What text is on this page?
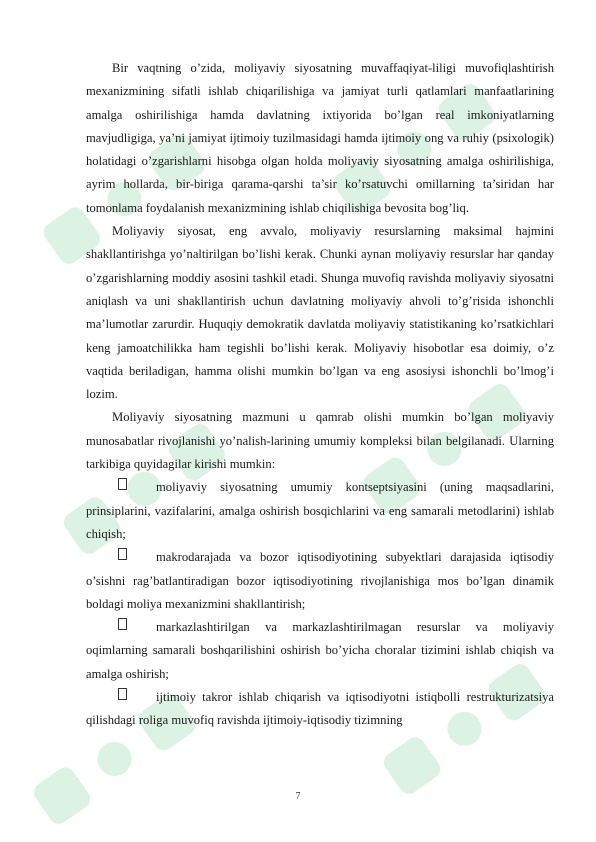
Bir vaqtning o’zida, moliyaviy siyosatning muvaffaqiyat-liligi muvofiqlashtirish mexanizmining sifatli ishlab chiqarilishiga va jamiyat turli qatlamlari manfaatlarining amalga oshirilishiga hamda davlatning ixtiyorida bo’lgan real imkoniyatlarning mavjudligiga, ya’ni jamiyat ijtimoiy tuzilmasidagi hamda ijtimoiy ong va ruhiy (psixologik) holatidagi o’zgarishlarni hisobga olgan holda moliyaviy siyosatning amalga oshirilishiga, ayrim hollarda, bir-biriga qarama-qarshi ta’sir ko’rsatuvchi omillarning ta’siridan har tomonlama foydalanish mexanizmining ishlab chiqilishiga bevosita bog’liq.

Moliyaviy siyosat, eng avvalo, moliyaviy resurslarning maksimal hajmini shakllantirishga yo’naltirilgan bo’lishi kerak. Chunki aynan moliyaviy resurslar har qanday o’zgarishlarning moddiy asosini tashkil etadi. Shunga muvofiq ravishda moliyaviy siyosatni aniqlash va uni shakllantirish uchun davlatning moliyaviy ahvoli to’g’risida ishonchli ma’lumotlar zarurdir. Huquqiy demokratik davlatda moliyaviy statistikaning ko’rsatkichlari keng jamoatchilikka ham tegishli bo’lishi kerak. Moliyaviy hisobotlar esa doimiy, o’z vaqtida beriladigan, hamma olishi mumkin bo’lgan va eng asosiysi ishonchli bo’lmog’i lozim.

Moliyaviy siyosatning mazmuni u qamrab olishi mumkin bo’lgan moliyaviy munosabatlar rivojlanishi yo’nalish-larining umumiy kompleksi bilan belgilanadi. Ularning tarkibiga quyidagilar kirishi mumkin:

moliyaviy siyosatning umumiy kontseptsiyasini (uning maqsadlarini, prinsiplarini, vazifalarini, amalga oshirish bosqichlarini va eng samarali metodlarini) ishlab chiqish;

makrodarajada va bozor iqtisodiyotining subyektlari darajasida iqtisodiy o’sishni rag’batlantiradigan bozor iqtisodiyotining rivojlanishiga mos bo’lgan dinamik boldagi moliya mexanizmini shakllantirish;

markazlashtirilgan va markazlashtirilmagan resurslar va moliyaviy oqimlarning samarali boshqarilishini oshirish bo’yicha choralar tizimini ishlab chiqish va amalga oshirish;

ijtimoiy takror ishlab chiqarish va iqtisodiyotni istiqbolli restrukturizatsiya qilishdagi roliga muvofiq ravishda ijtimoiy-iqtisodiy tizimning

7
